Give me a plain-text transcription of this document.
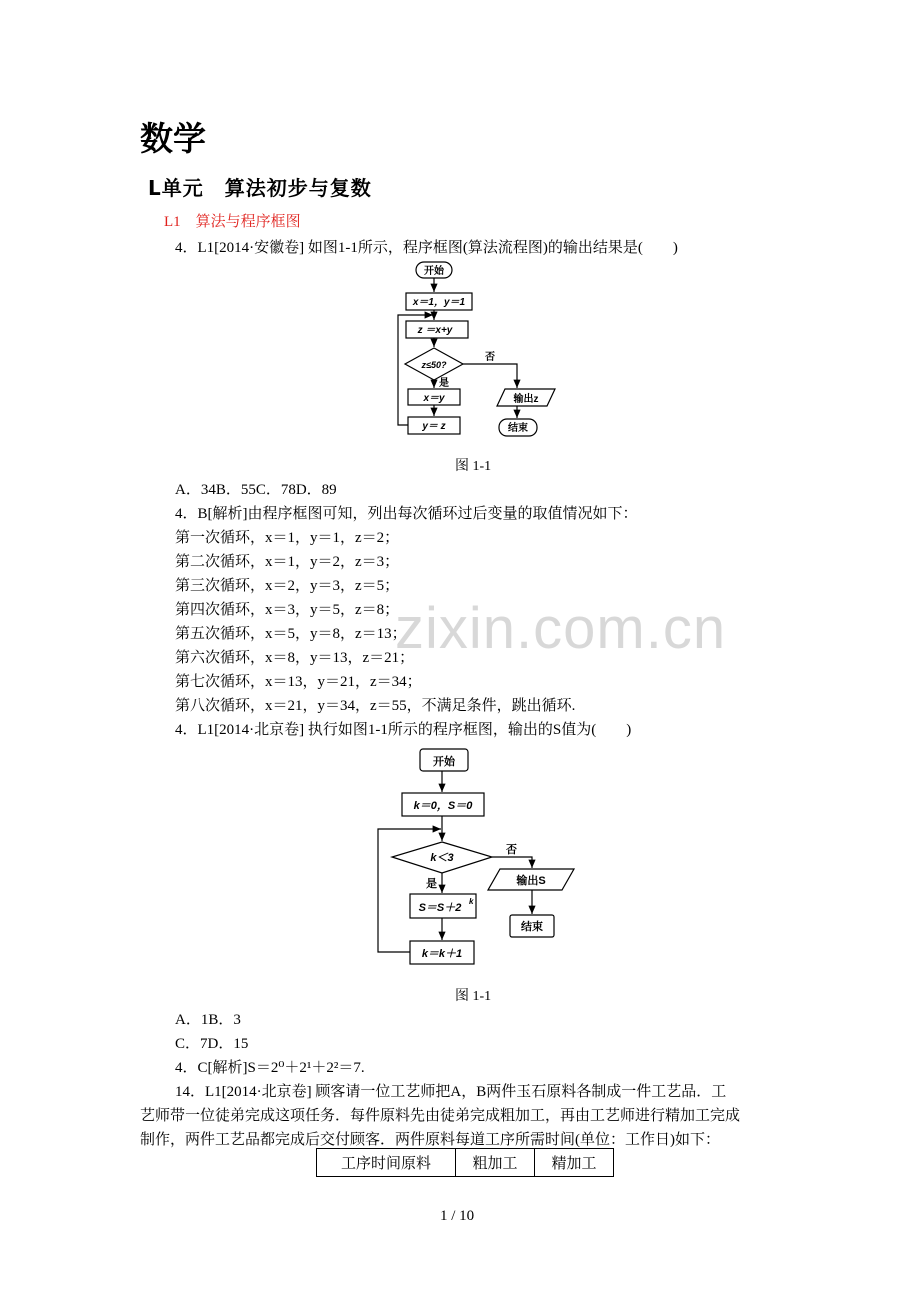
数学
L单元　算法初步与复数
L1　算法与程序框图
4．L1[2014·安徽卷] 如图1-1所示，程序框图(算法流程图)的输出结果是(　　)
开始
x＝1，y＝1
z ＝x+y
z≤50?
是
否
x＝y
y＝ z
输出z
结束
图 1-1
A．34B．55C．78D．89
4．B[解析]由程序框图可知，列出每次循环过后变量的取值情况如下：
第一次循环，x＝1，y＝1，z＝2；
第二次循环，x＝1，y＝2，z＝3；
第三次循环，x＝2，y＝3，z＝5；
第四次循环，x＝3，y＝5，z＝8；
第五次循环，x＝5，y＝8，z＝13；
第六次循环，x＝8，y＝13，z＝21；
第七次循环，x＝13，y＝21，z＝34；
第八次循环，x＝21，y＝34，z＝55，不满足条件，跳出循环.
zixin.com.cn
4．L1[2014·北京卷] 执行如图1-1所示的程序框图，输出的S值为(　　)
开始
k＝0，S＝0
k＜3
是
否
S＝S＋2
k
k＝k＋1
输出S
结束
图 1-1
A．1B．3
C．7D．15
4．C[解析]S＝2⁰＋2¹＋2²＝7.
14．L1[2014·北京卷] 顾客请一位工艺师把A，B两件玉石原料各制成一件工艺品．工
艺师带一位徒弟完成这项任务．每件原料先由徒弟完成粗加工，再由工艺师进行精加工完成
制作，两件工艺品都完成后交付顾客．两件原料每道工序所需时间(单位：工作日)如下：
工序时间原料	粗加工	精加工
1 / 10
